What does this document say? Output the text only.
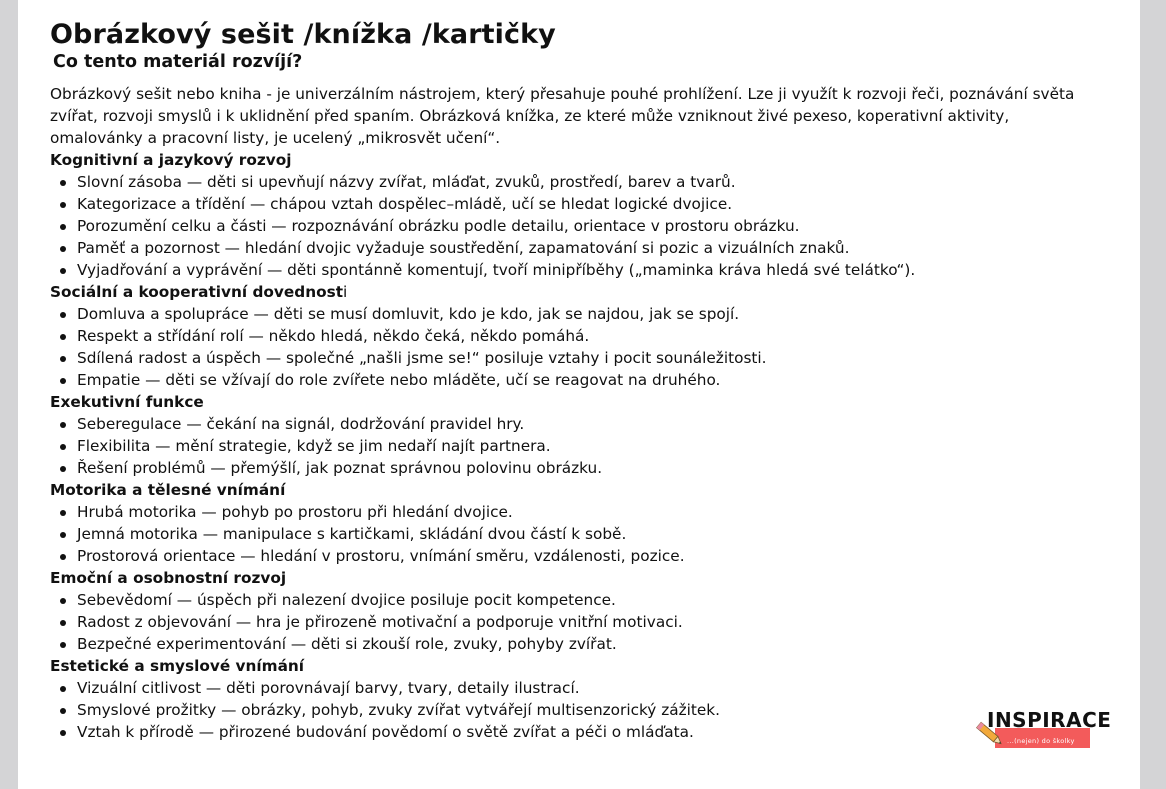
Obrázkový sešit /knížka /kartičky
Co tento materiál rozvíjí?

Obrázkový sešit nebo kniha - je univerzálním nástrojem, který přesahuje pouhé prohlížení. Lze ji využít k rozvoji řeči, poznávání světa zvířat, rozvoji smyslů i k uklidnění před spaním. Obrázková knížka, ze které může vzniknout živé pexeso, koperativní aktivity, omalovánky a pracovní listy, je ucelený „mikrosvět učení“.

Kognitivní a jazykový rozvoj

Slovní zásoba — děti si upevňují názvy zvířat, mláďat, zvuků, prostředí, barev a tvarů.
Kategorizace a třídění — chápou vztah dospělec–mládě, učí se hledat logické dvojice.
Porozumění celku a části — rozpoznávání obrázku podle detailu, orientace v prostoru obrázku.
Paměť a pozornost — hledání dvojic vyžaduje soustředění, zapamatování si pozic a vizuálních znaků.
Vyjadřování a vyprávění — děti spontánně komentují, tvoří minipříběhy („maminka kráva hledá své telátko“).

Sociální a kooperativní dovednosti

Domluva a spolupráce — děti se musí domluvit, kdo je kdo, jak se najdou, jak se spojí.
Respekt a střídání rolí — někdo hledá, někdo čeká, někdo pomáhá.
Sdílená radost a úspěch — společné „našli jsme se!“ posiluje vztahy i pocit sounáležitosti.
Empatie — děti se vžívají do role zvířete nebo mláděte, učí se reagovat na druhého.

Exekutivní funkce

Seberegulace — čekání na signál, dodržování pravidel hry.
Flexibilita — mění strategie, když se jim nedaří najít partnera.
Řešení problémů — přemýšlí, jak poznat správnou polovinu obrázku.

Motorika a tělesné vnímání

Hrubá motorika — pohyb po prostoru při hledání dvojice.
Jemná motorika — manipulace s kartičkami, skládání dvou částí k sobě.
Prostorová orientace — hledání v prostoru, vnímání směru, vzdálenosti, pozice.

Emoční a osobnostní rozvoj

Sebevědomí — úspěch při nalezení dvojice posiluje pocit kompetence.
Radost z objevování — hra je přirozeně motivační a podporuje vnitřní motivaci.
Bezpečné experimentování — děti si zkouší role, zvuky, pohyby zvířat.

Estetické a smyslové vnímání

Vizuální citlivost — děti porovnávají barvy, tvary, detaily ilustrací.
Smyslové prožitky — obrázky, pohyb, zvuky zvířat vytvářejí multisenzorický zážitek.
Vztah k přírodě — přirozené budování povědomí o světě zvířat a péči o mláďata.	INSPIRACE
...(nejen) do školky
